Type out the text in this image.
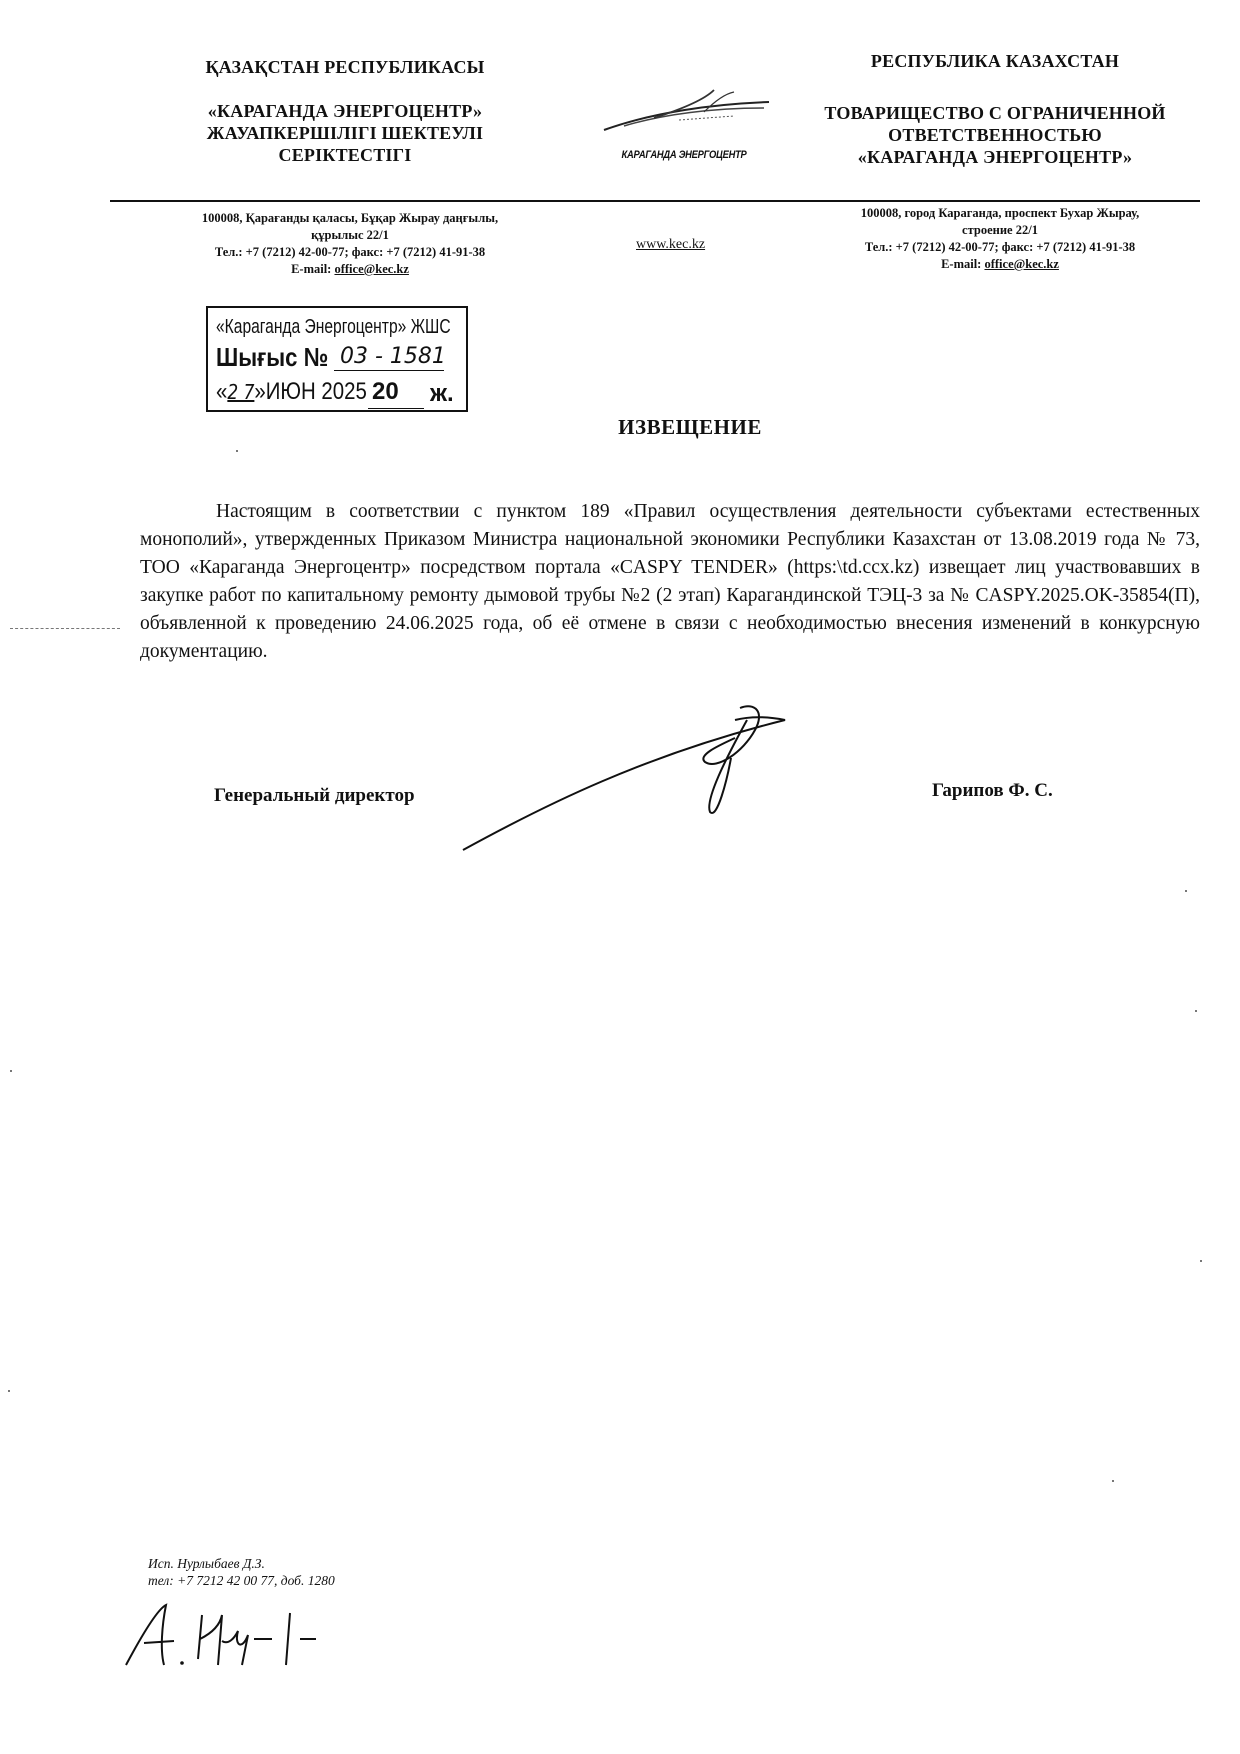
ҚАЗАҚСТАН РЕСПУБЛИКАСЫ
«КАРАГАНДА ЭНЕРГОЦЕНТР»
ЖАУАПКЕРШІЛІГІ ШЕКТЕУЛІ
СЕРІКТЕСТІГІ	КАРАГАНДА ЭНЕРГОЦЕНТР
РЕСПУБЛИКА КАЗАХСТАН
ТОВАРИЩЕСТВО С ОГРАНИЧЕННОЙ
ОТВЕТСТВЕННОСТЬЮ
«КАРАГАНДА ЭНЕРГОЦЕНТР»
100008, Қарағанды қаласы, Бұқар Жырау даңғылы,
құрылыс 22/1
Тел.: +7 (7212) 42-00-77; факс: +7 (7212) 41-91-38
E-mail: office@kec.kz
www.kec.kz
100008, город Караганда, проспект Бухар Жырау,
строение 22/1
Тел.: +7 (7212) 42-00-77; факс: +7 (7212) 41-91-38
E-mail: office@kec.kz
«Караганда Энергоцентр» ЖШС
Шығыс № 03 - 1581
«2 7»ИЮН 2025 20 ж.
ИЗВЕЩЕНИЕ

Настоящим в соответствии с пунктом 189 «Правил осуществления деятельности субъектами естественных монополий», утвержденных Приказом Министра национальной экономики Республики Казахстан от 13.08.2019 года № 73, ТОО «Караганда Энергоцентр» посредством портала «CASPY TENDER» (https:\td.ccx.kz) извещает лиц участвовавших в закупке работ по капитальному ремонту дымовой трубы №2 (2 этап) Карагандинской ТЭЦ-3 за № CASPY.2025.OK-35854(П), объявленной к проведению 24.06.2025 года, об её отмене в связи с необходимостью внесения изменений в конкурсную документацию.

Генеральный директор	Гарипов Ф. С.
Исп. Нурлыбаев Д.З.
тел: +7 7212 42 00 77, доб. 1280
